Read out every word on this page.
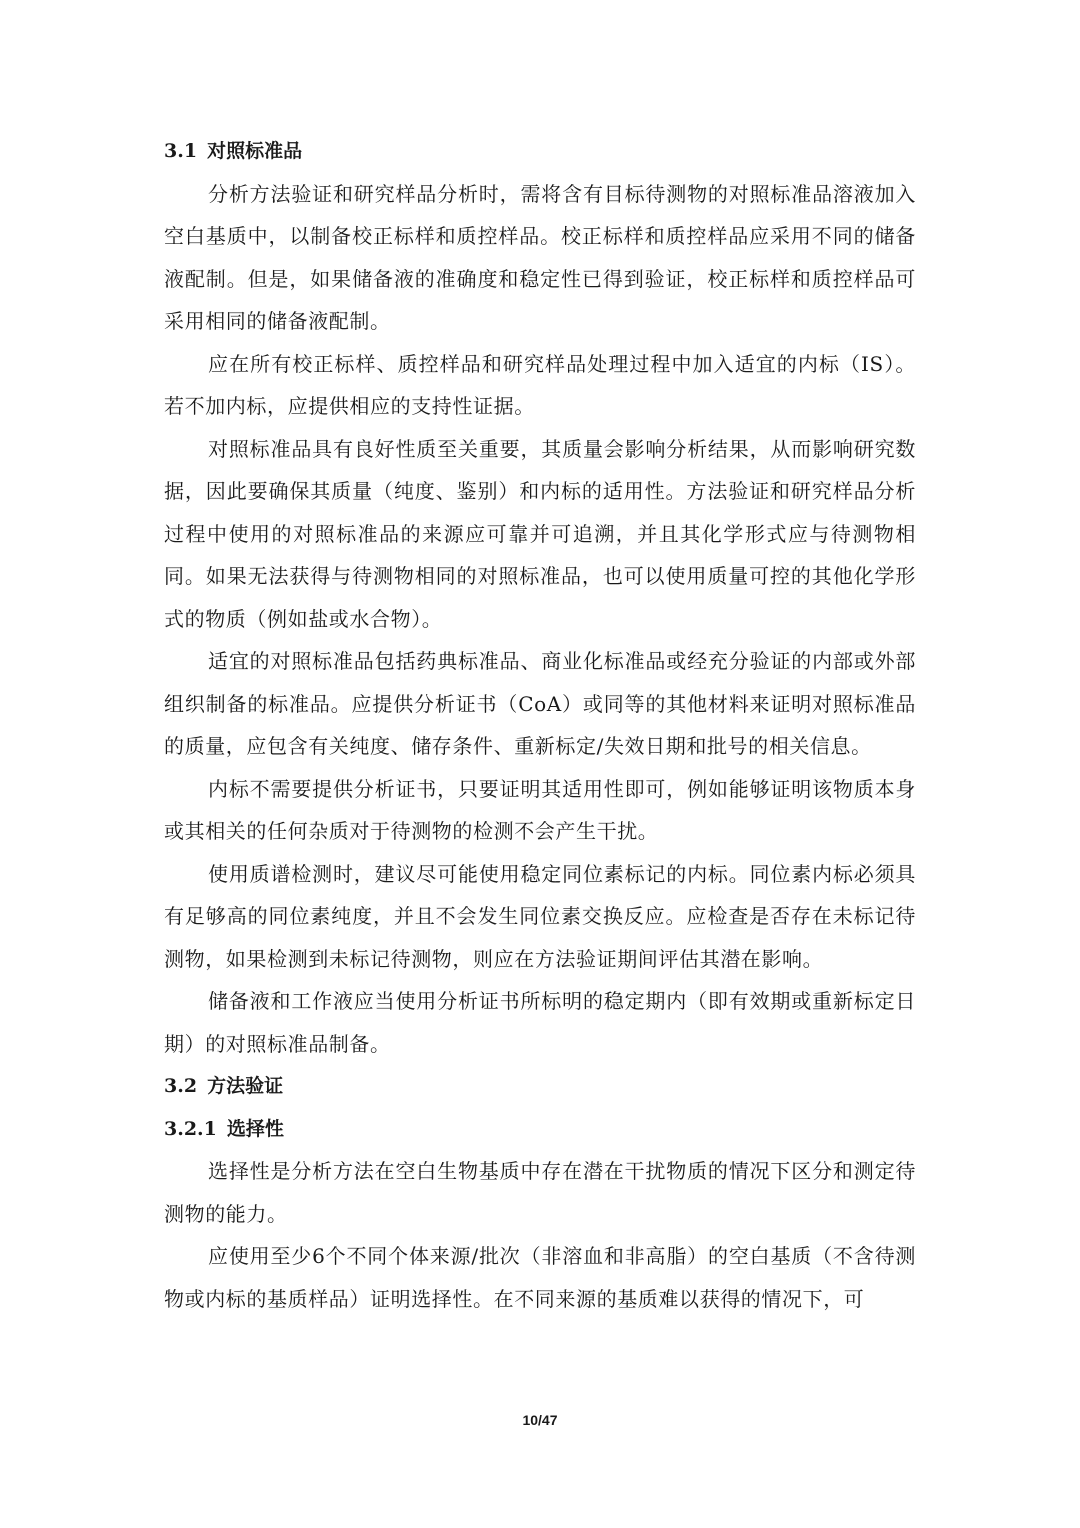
3.1 对照标准品

分析方法验证和研究样品分析时，需将含有目标待测物的对照标准品溶液加入空白基质中，以制备校正标样和质控样品。校正标样和质控样品应采用不同的储备液配制。但是，如果储备液的准确度和稳定性已得到验证，校正标样和质控样品可采用相同的储备液配制。

应在所有校正标样、质控样品和研究样品处理过程中加入适宜的内标（IS）。若不加内标，应提供相应的支持性证据。

对照标准品具有良好性质至关重要，其质量会影响分析结果，从而影响研究数据，因此要确保其质量（纯度、鉴别）和内标的适用性。方法验证和研究样品分析过程中使用的对照标准品的来源应可靠并可追溯，并且其化学形式应与待测物相同。如果无法获得与待测物相同的对照标准品，也可以使用质量可控的其他化学形式的物质（例如盐或水合物）。

适宜的对照标准品包括药典标准品、商业化标准品或经充分验证的内部或外部组织制备的标准品。应提供分析证书（CoA）或同等的其他材料来证明对照标准品的质量，应包含有关纯度、储存条件、重新标定/失效日期和批号的相关信息。

内标不需要提供分析证书，只要证明其适用性即可，例如能够证明该物质本身或其相关的任何杂质对于待测物的检测不会产生干扰。

使用质谱检测时，建议尽可能使用稳定同位素标记的内标。同位素内标必须具有足够高的同位素纯度，并且不会发生同位素交换反应。应检查是否存在未标记待测物，如果检测到未标记待测物，则应在方法验证期间评估其潜在影响。

储备液和工作液应当使用分析证书所标明的稳定期内（即有效期或重新标定日期）的对照标准品制备。

3.2 方法验证
3.2.1 选择性

选择性是分析方法在空白生物基质中存在潜在干扰物质的情况下区分和测定待测物的能力。

应使用至少6个不同个体来源/批次（非溶血和非高脂）的空白基质（不含待测物或内标的基质样品）证明选择性。在不同来源的基质难以获得的情况下，可

10/47
